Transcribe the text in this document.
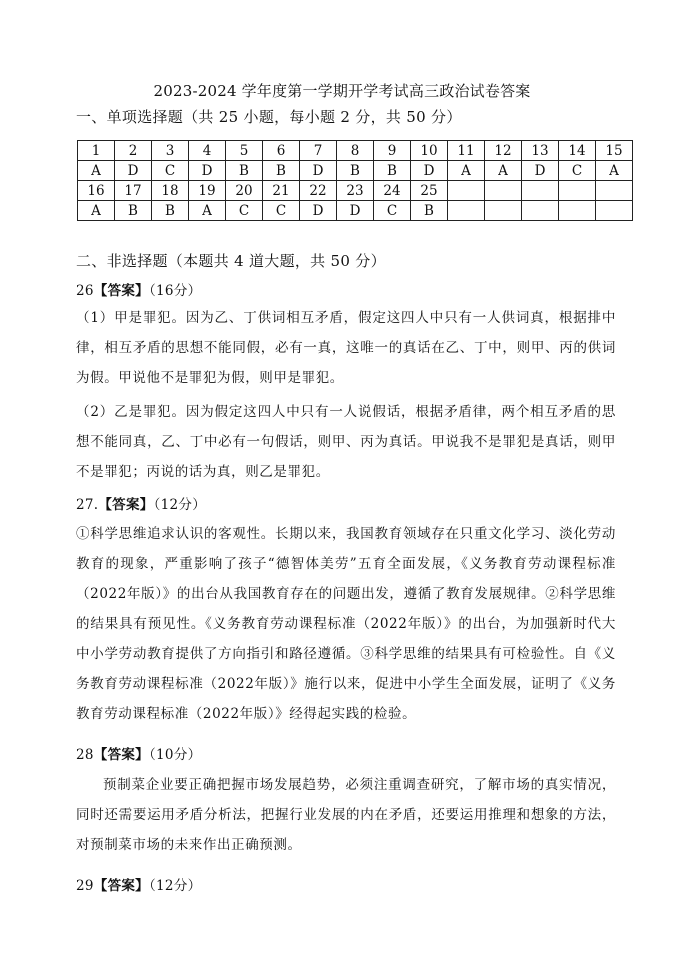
2023-2024 学年度第一学期开学考试高三政治试卷答案
一、单项选择题（共 25 小题，每小题 2 分，共 50 分）
1	2	3	4	5	6	7	8	9	10	11	12	13	14	15
A	D	C	D	B	B	D	B	B	D	A	A	D	C	A
16	17	18	19	20	21	22	23	24	25					
A	B	B	A	C	C	D	D	C	B					
二、非选择题（本题共 4 道大题，共 50 分）
26【答案】（16分）
（1）甲是罪犯。因为乙、丁供词相互矛盾，假定这四人中只有一人供词真，根据排中律，相互矛盾的思想不能同假，必有一真，这唯一的真话在乙、丁中，则甲、丙的供词为假。甲说他不是罪犯为假，则甲是罪犯。
（2）乙是罪犯。因为假定这四人中只有一人说假话，根据矛盾律，两个相互矛盾的思想不能同真，乙、丁中必有一句假话，则甲、丙为真话。甲说我不是罪犯是真话，则甲不是罪犯；丙说的话为真，则乙是罪犯。
27.【答案】（12分）
①科学思维追求认识的客观性。长期以来，我国教育领域存在只重文化学习、淡化劳动教育的现象，严重影响了孩子“德智体美劳”五育全面发展，《义务教育劳动课程标准（2022年版）》的出台从我国教育存在的问题出发，遵循了教育发展规律。②科学思维的结果具有预见性。《义务教育劳动课程标准（2022年版）》的出台，为加强新时代大中小学劳动教育提供了方向指引和路径遵循。③科学思维的结果具有可检验性。自《义务教育劳动课程标准（2022年版）》施行以来，促进中小学生全面发展，证明了《义务教育劳动课程标准（2022年版）》经得起实践的检验。
28【答案】（10分）
预制菜企业要正确把握市场发展趋势，必须注重调查研究，了解市场的真实情况，同时还需要运用矛盾分析法，把握行业发展的内在矛盾，还要运用推理和想象的方法，对预制菜市场的未来作出正确预测。
29【答案】（12分）
